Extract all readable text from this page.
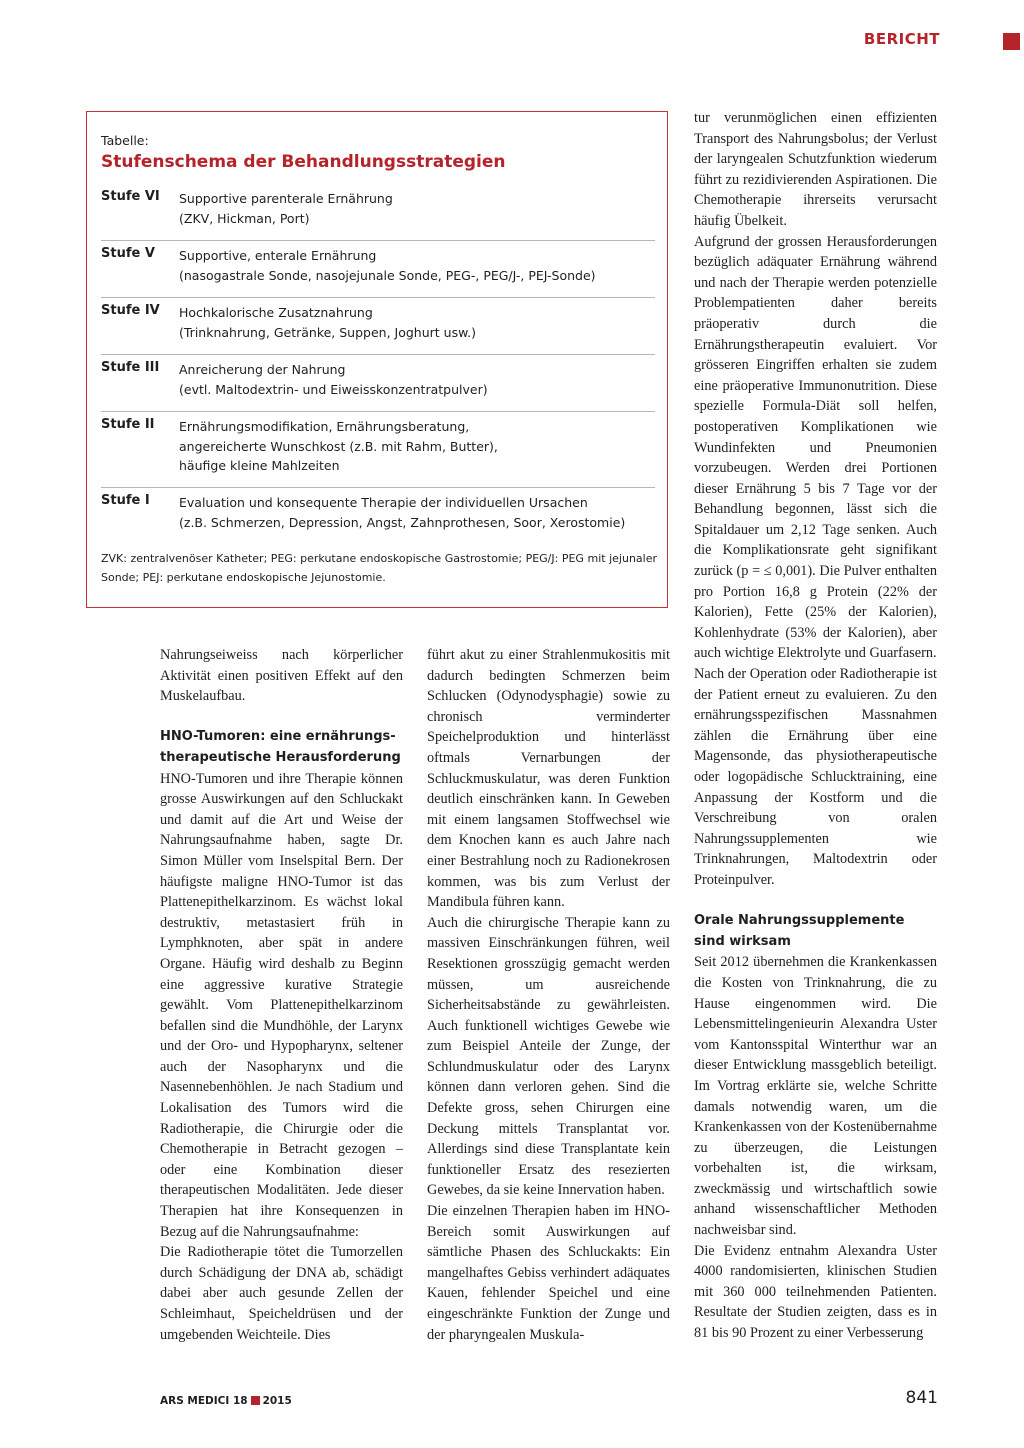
BERICHT
Tabelle:
Stufenschema der Behandlungsstrategien
Stufe VI Supportive parenterale Ernährung
(ZKV, Hickman, Port)
Stufe V Supportive, enterale Ernährung
(nasogastrale Sonde, nasojejunale Sonde, PEG-, PEG/J-, PEJ-Sonde)
Stufe IV Hochkalorische Zusatznahrung
(Trinknahrung, Getränke, Suppen, Joghurt usw.)
Stufe III Anreicherung der Nahrung
(evtl. Maltodextrin- und Eiweisskonzentratpulver)
Stufe II Ernährungsmodifikation, Ernährungsberatung,
angereicherte Wunschkost (z.B. mit Rahm, Butter),
häufige kleine Mahlzeiten
Stufe I Evaluation und konsequente Therapie der individuellen Ursachen
(z.B. Schmerzen, Depression, Angst, Zahnprothesen, Soor, Xerostomie)
ZVK: zentralvenöser Katheter; PEG: perkutane endoskopische Gastrostomie; PEG/J: PEG mit jejunaler Sonde; PEJ: perkutane endoskopische Jejunostomie.

Nahrungseiweiss nach körperlicher Aktivität einen positiven Effekt auf den Muskelaufbau.

HNO-Tumoren: eine ernährungs-therapeutische Herausforderung

HNO-Tumoren und ihre Therapie können grosse Auswirkungen auf den Schluckakt und damit auf die Art und Weise der Nahrungsaufnahme haben, sagte Dr. Simon Müller vom Inselspital Bern. Der häufigste maligne HNO-Tumor ist das Plattenepithelkarzinom. Es wächst lokal destruktiv, metastasiert früh in Lymphknoten, aber spät in andere Organe. Häufig wird deshalb zu Beginn eine aggressive kurative Strategie gewählt. Vom Plattenepithelkarzinom befallen sind die Mundhöhle, der Larynx und der Oro- und Hypopharynx, seltener auch der Nasopharynx und die Nasennebenhöhlen. Je nach Stadium und Lokalisation des Tumors wird die Radiotherapie, die Chirurgie oder die Chemotherapie in Betracht gezogen – oder eine Kombination dieser therapeutischen Modalitäten. Jede dieser Therapien hat ihre Konsequenzen in Bezug auf die Nahrungsaufnahme:

Die Radiotherapie tötet die Tumorzellen durch Schädigung der DNA ab, schädigt dabei aber auch gesunde Zellen der Schleimhaut, Speicheldrüsen und der umgebenden Weichteile. Dies

führt akut zu einer Strahlenmukositis mit dadurch bedingten Schmerzen beim Schlucken (Odynodysphagie) sowie zu chronisch verminderter Speichelproduktion und hinterlässt oftmals Vernarbungen der Schluckmuskulatur, was deren Funktion deutlich einschränken kann. In Geweben mit einem langsamen Stoffwechsel wie dem Knochen kann es auch Jahre nach einer Bestrahlung noch zu Radionekrosen kommen, was bis zum Verlust der Mandibula führen kann.

Auch die chirurgische Therapie kann zu massiven Einschränkungen führen, weil Resektionen grosszügig gemacht werden müssen, um ausreichende Sicherheitsabstände zu gewährleisten. Auch funktionell wichtiges Gewebe wie zum Beispiel Anteile der Zunge, der Schlundmuskulatur oder des Larynx können dann verloren gehen. Sind die Defekte gross, sehen Chirurgen eine Deckung mittels Transplantat vor. Allerdings sind diese Transplantate kein funktioneller Ersatz des resezierten Gewebes, da sie keine Innervation haben.

Die einzelnen Therapien haben im HNO-Bereich somit Auswirkungen auf sämtliche Phasen des Schluckakts: Ein mangelhaftes Gebiss verhindert adäquates Kauen, fehlender Speichel und eine eingeschränkte Funktion der Zunge und der pharyngealen Muskula-

tur verunmöglichen einen effizienten Transport des Nahrungsbolus; der Verlust der laryngealen Schutzfunktion wiederum führt zu rezidivierenden Aspirationen. Die Chemotherapie ihrerseits verursacht häufig Übelkeit.

Aufgrund der grossen Herausforderungen bezüglich adäquater Ernährung während und nach der Therapie werden potenzielle Problempatienten daher bereits präoperativ durch die Ernährungstherapeutin evaluiert. Vor grösseren Eingriffen erhalten sie zudem eine präoperative Immunonutrition. Diese spezielle Formula-Diät soll helfen, postoperativen Komplikationen wie Wundinfekten und Pneumonien vorzubeugen. Werden drei Portionen dieser Ernährung 5 bis 7 Tage vor der Behandlung begonnen, lässt sich die Spitaldauer um 2,12 Tage senken. Auch die Komplikationsrate geht signifikant zurück (p = ≤ 0,001). Die Pulver enthalten pro Portion 16,8 g Protein (22% der Kalorien), Fette (25% der Kalorien), Kohlenhydrate (53% der Kalorien), aber auch wichtige Elektrolyte und Guarfasern.

Nach der Operation oder Radiotherapie ist der Patient erneut zu evaluieren. Zu den ernährungsspezifischen Massnahmen zählen die Ernährung über eine Magensonde, das physiotherapeutische oder logopädische Schlucktraining, eine Anpassung der Kostform und die Verschreibung von oralen Nahrungssupplementen wie Trinknahrungen, Maltodextrin oder Proteinpulver.

Orale Nahrungssupplemente sind wirksam

Seit 2012 übernehmen die Krankenkassen die Kosten von Trinknahrung, die zu Hause eingenommen wird. Die Lebensmittelingenieurin Alexandra Uster vom Kantonsspital Winterthur war an dieser Entwicklung massgeblich beteiligt. Im Vortrag erklärte sie, welche Schritte damals notwendig waren, um die Krankenkassen von der Kostenübernahme zu überzeugen, die Leistungen vorbehalten ist, die wirksam, zweckmässig und wirtschaftlich sowie anhand wissenschaftlicher Methoden nachweisbar sind.

Die Evidenz entnahm Alexandra Uster 4000 randomisierten, klinischen Studien mit 360 000 teilnehmenden Patienten. Resultate der Studien zeigten, dass es in 81 bis 90 Prozent zu einer Verbesserung

ARS MEDICI 18 2015	841
